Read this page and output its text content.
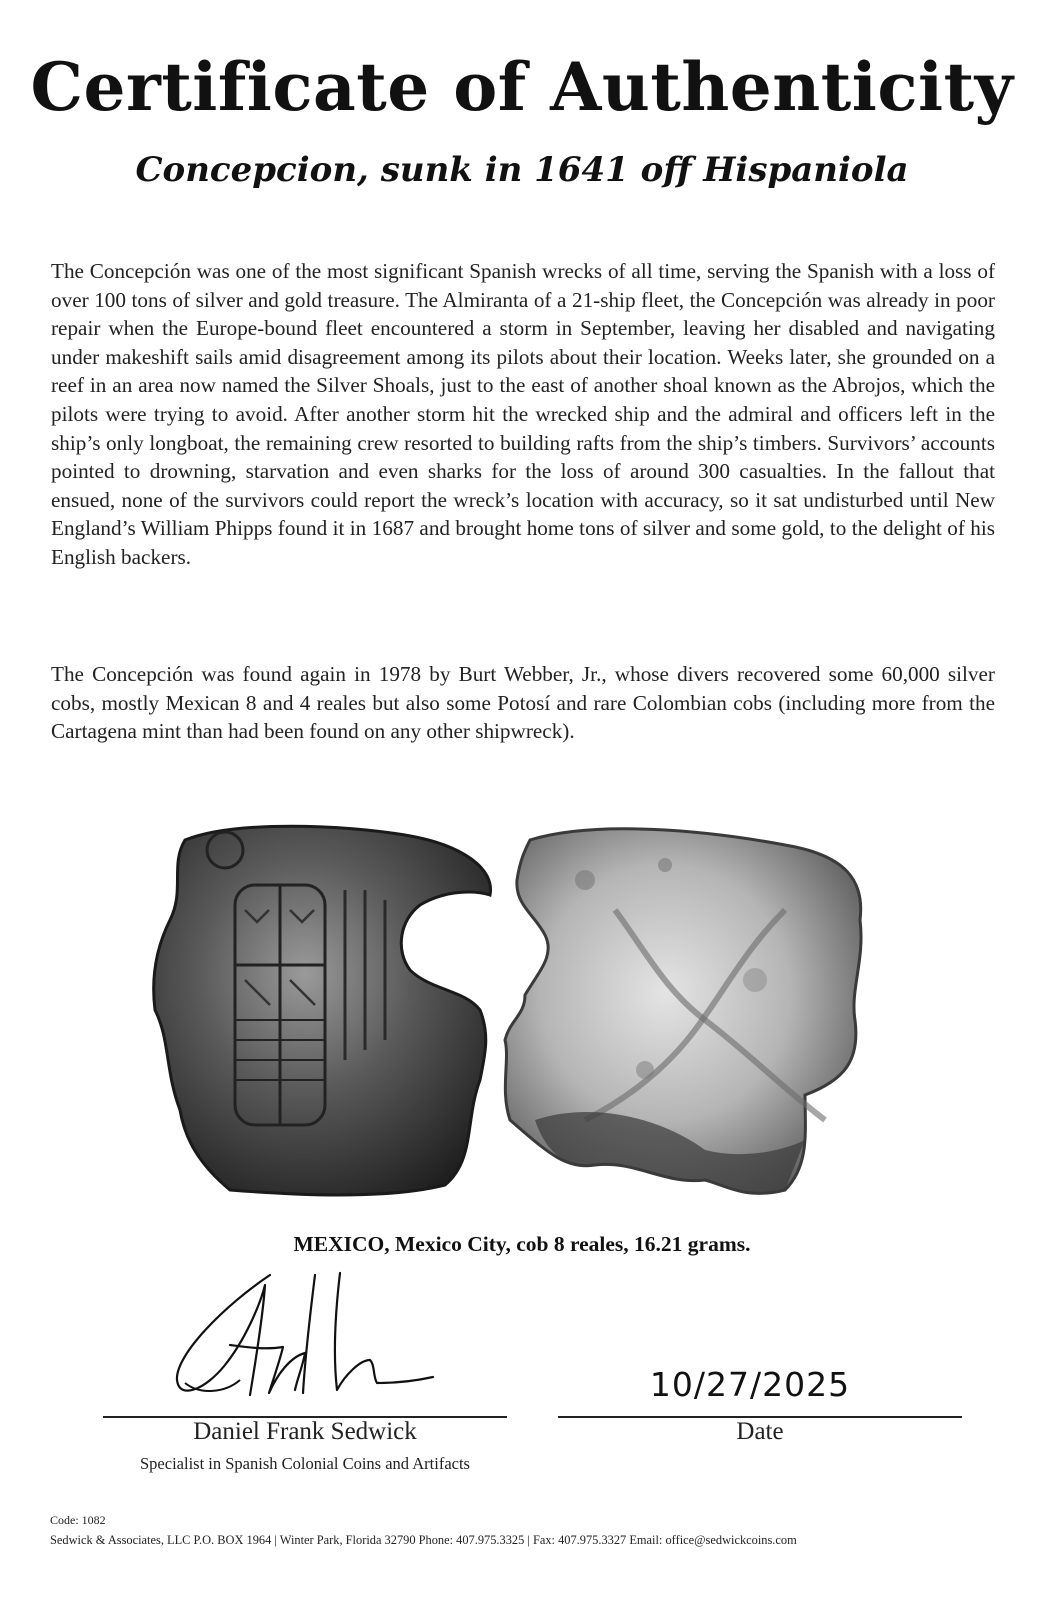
Certificate of Authenticity
Concepcion, sunk in 1641 off Hispaniola

The Concepción was one of the most significant Spanish wrecks of all time, serving the Spanish with a loss of over 100 tons of silver and gold treasure. The Almiranta of a 21-ship fleet, the Concepción was already in poor repair when the Europe-bound fleet encountered a storm in September, leaving her disabled and navigating under makeshift sails amid disagreement among its pilots about their location. Weeks later, she grounded on a reef in an area now named the Silver Shoals, just to the east of another shoal known as the Abrojos, which the pilots were trying to avoid. After another storm hit the wrecked ship and the admiral and officers left in the ship’s only longboat, the remaining crew resorted to building rafts from the ship’s timbers. Survivors’ accounts pointed to drowning, starvation and even sharks for the loss of around 300 casualties. In the fallout that ensued, none of the survivors could report the wreck’s location with accuracy, so it sat undisturbed until New England’s William Phipps found it in 1687 and brought home tons of silver and some gold, to the delight of his English backers.

The Concepción was found again in 1978 by Burt Webber, Jr., whose divers recovered some 60,000 silver cobs, mostly Mexican 8 and 4 reales but also some Potosí and rare Colombian cobs (including more from the Cartagena mint than had been found on any other shipwreck).

MEXICO, Mexico City, cob 8 reales, 16.21 grams.
10/27/2025
Daniel Frank Sedwick
Specialist in Spanish Colonial Coins and Artifacts
Date
Code: 1082
Sedwick & Associates, LLC P.O. BOX 1964 | Winter Park, Florida 32790 Phone: 407.975.3325 | Fax: 407.975.3327 Email: office@sedwickcoins.com
